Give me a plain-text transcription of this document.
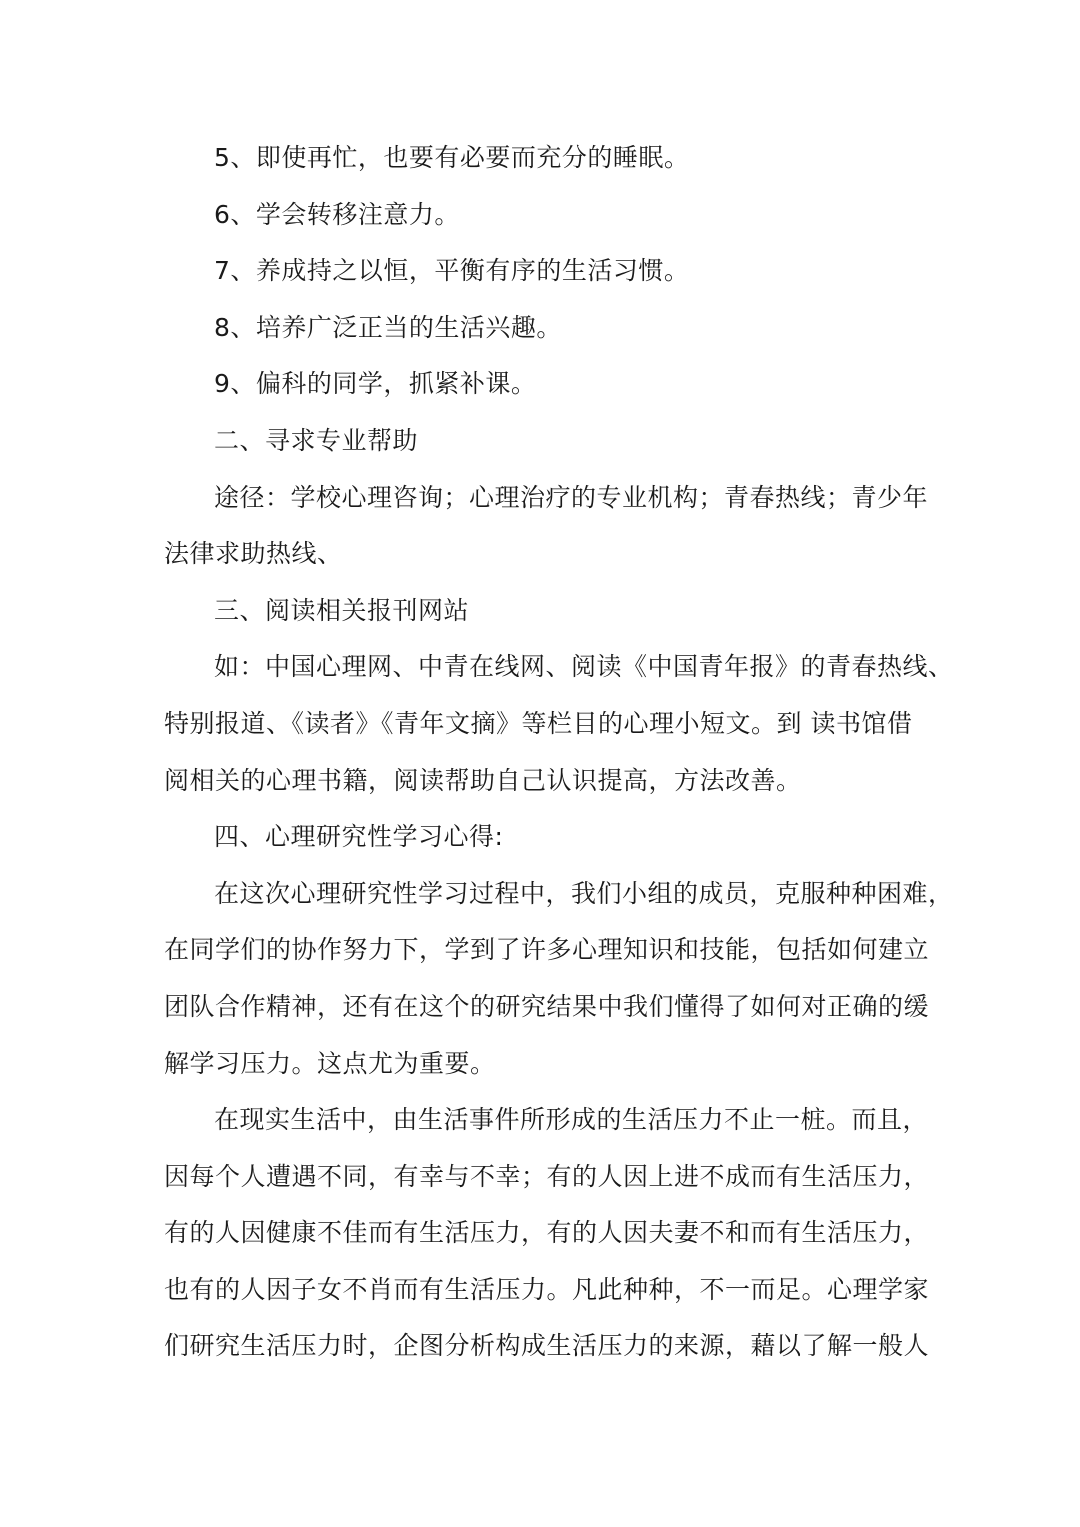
5、即使再忙，也要有必要而充分的睡眠。

6、学会转移注意力。

7、养成持之以恒，平衡有序的生活习惯。

8、培养广泛正当的生活兴趣。

9、偏科的同学，抓紧补课。

二、寻求专业帮助

途径：学校心理咨询；心理治疗的专业机构；青春热线；青少年

法律求助热线、

三、阅读相关报刊网站

如：中国心理网、中青在线网、阅读《中国青年报》的青春热线、

特别报道、《读者》《青年文摘》等栏目的心理小短文。到 读书馆借

阅相关的心理书籍，阅读帮助自己认识提高，方法改善。

四、心理研究性学习心得:

在这次心理研究性学习过程中，我们小组的成员，克服种种困难，

在同学们的协作努力下，学到了许多心理知识和技能，包括如何建立

团队合作精神，还有在这个的研究结果中我们懂得了如何对正确的缓

解学习压力。这点尤为重要。

在现实生活中，由生活事件所形成的生活压力不止一桩。而且，

因每个人遭遇不同，有幸与不幸；有的人因上进不成而有生活压力，

有的人因健康不佳而有生活压力，有的人因夫妻不和而有生活压力，

也有的人因子女不肖而有生活压力。凡此种种，不一而足。心理学家

们研究生活压力时，企图分析构成生活压力的来源，藉以了解一般人
